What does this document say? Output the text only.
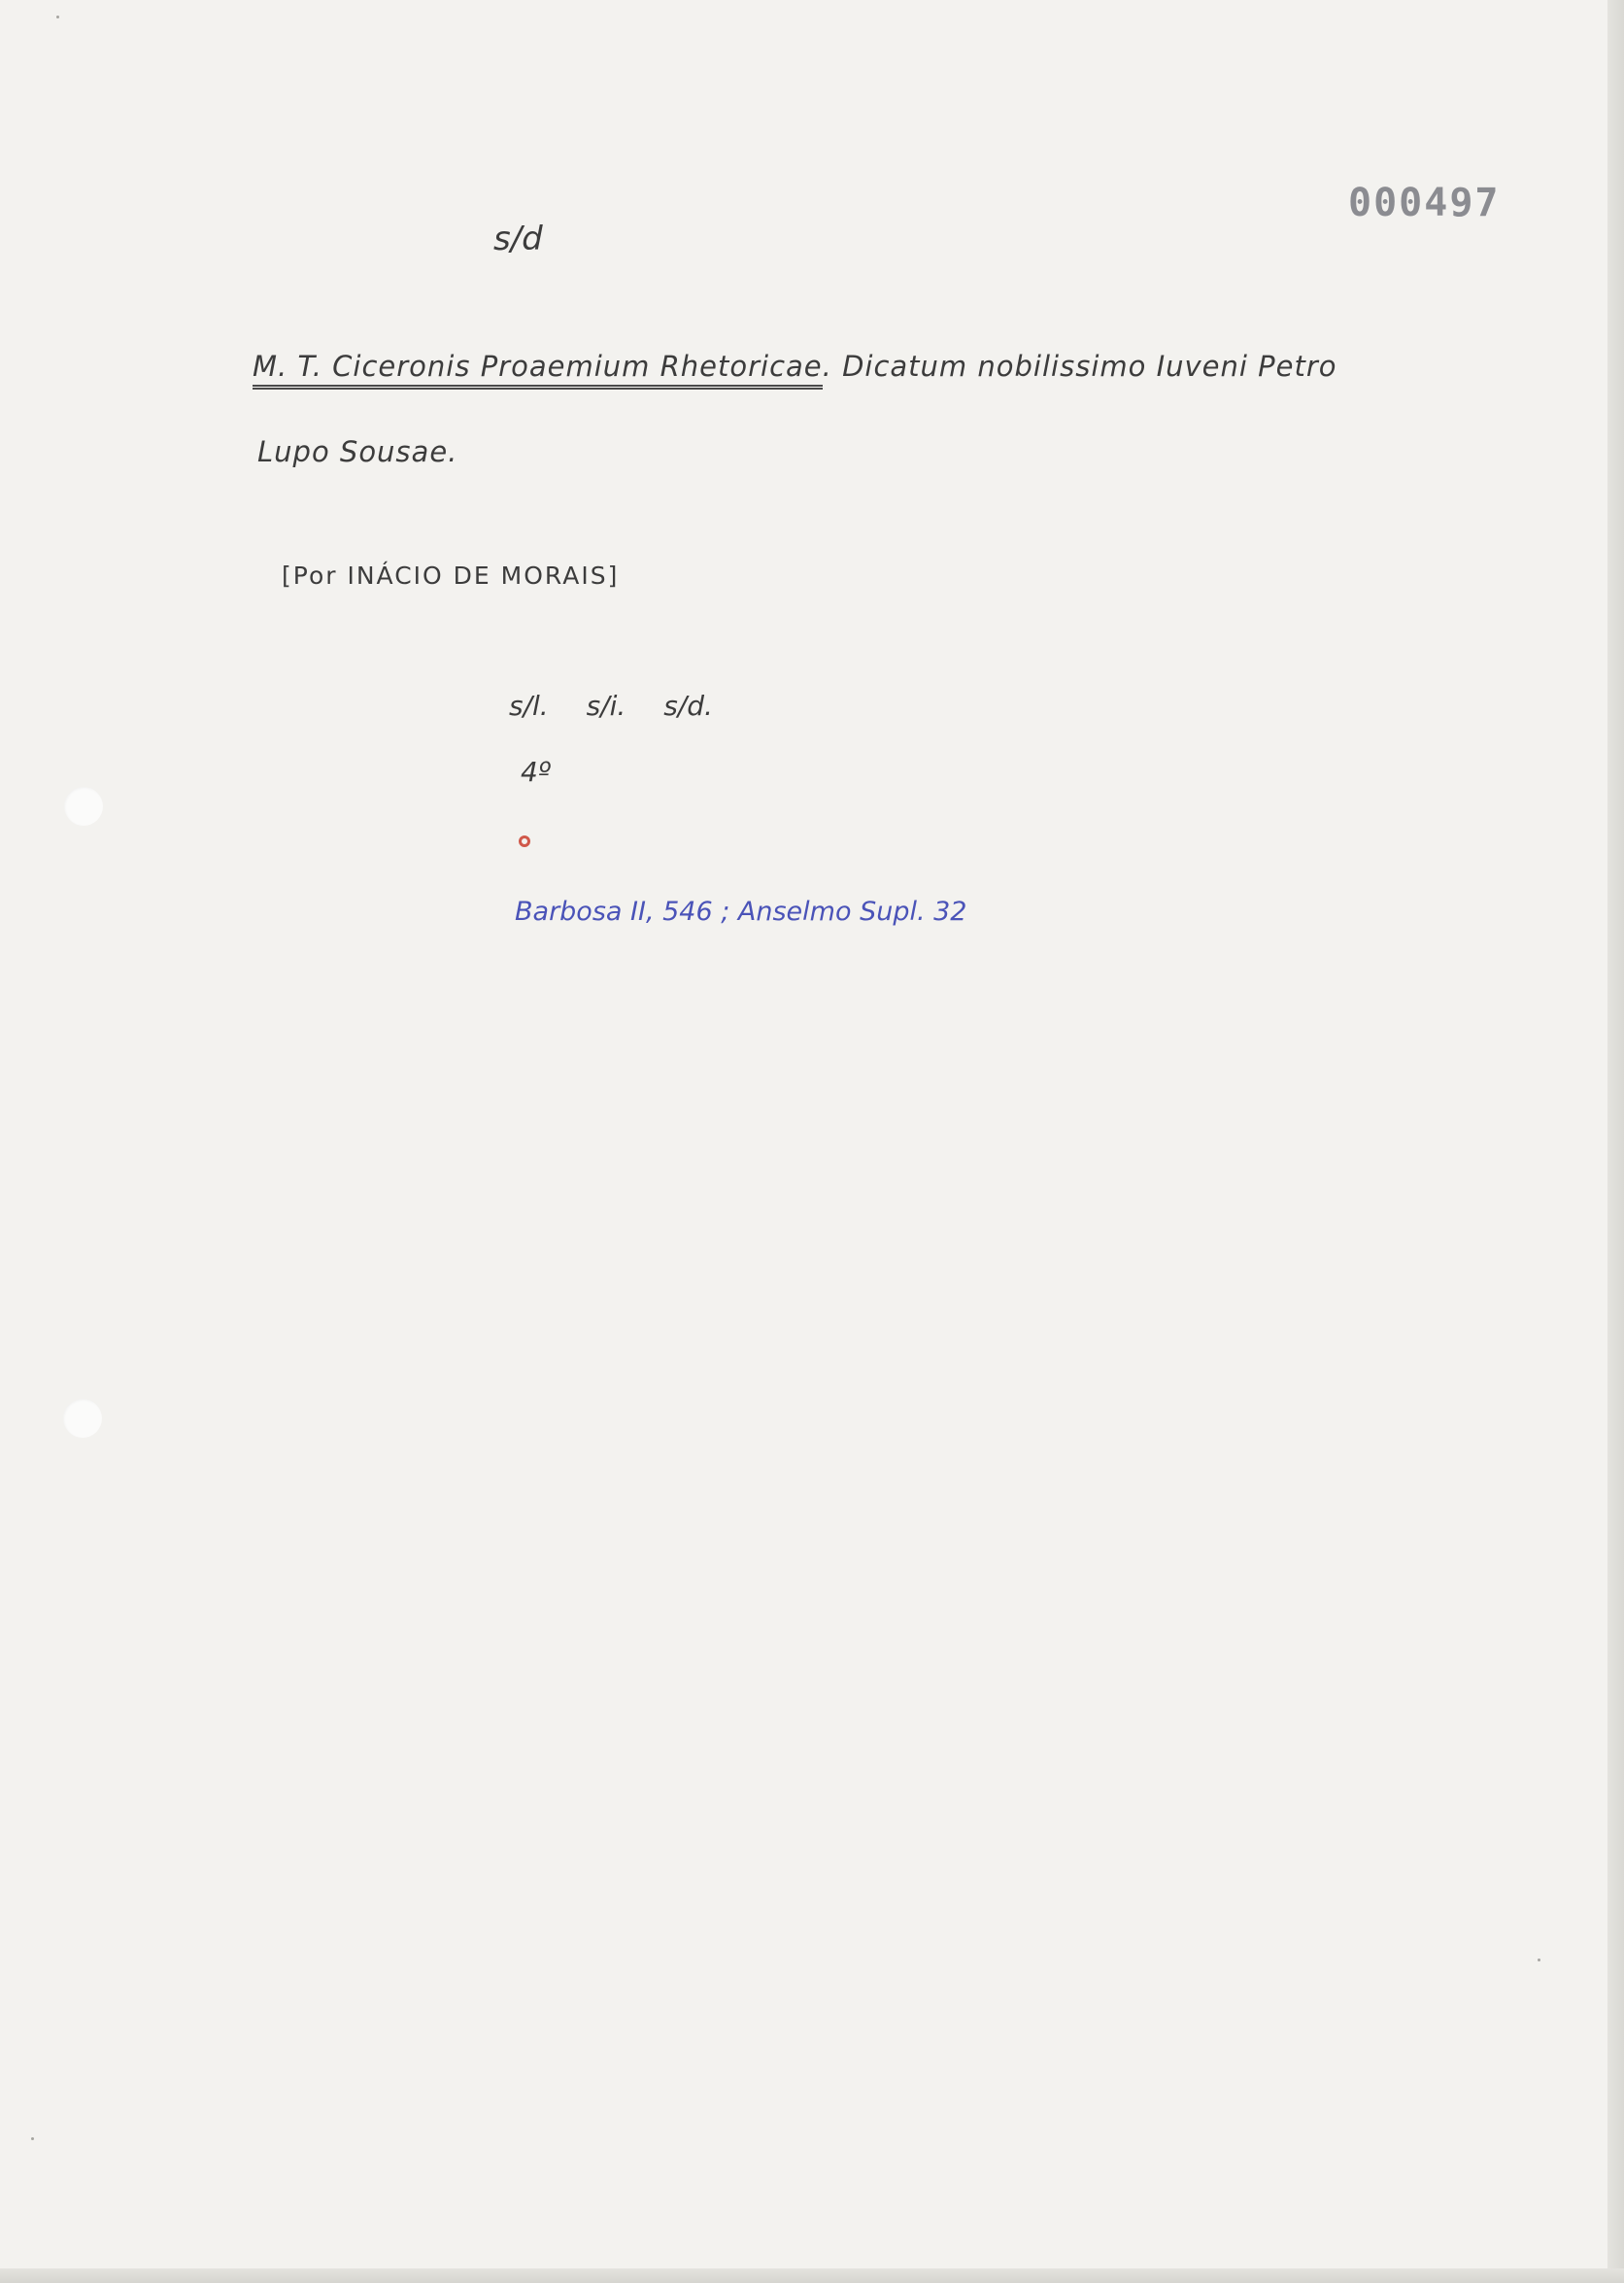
000497
s/d
M. T. Ciceronis Proaemium Rhetoricae. Dicatum nobilissimo Iuveni Petro
Lupo Sousae.
[Por INÁCIO DE MORAIS]
s/l. s/i. s/d.
4º
Barbosa II, 546 ; Anselmo Supl. 32
